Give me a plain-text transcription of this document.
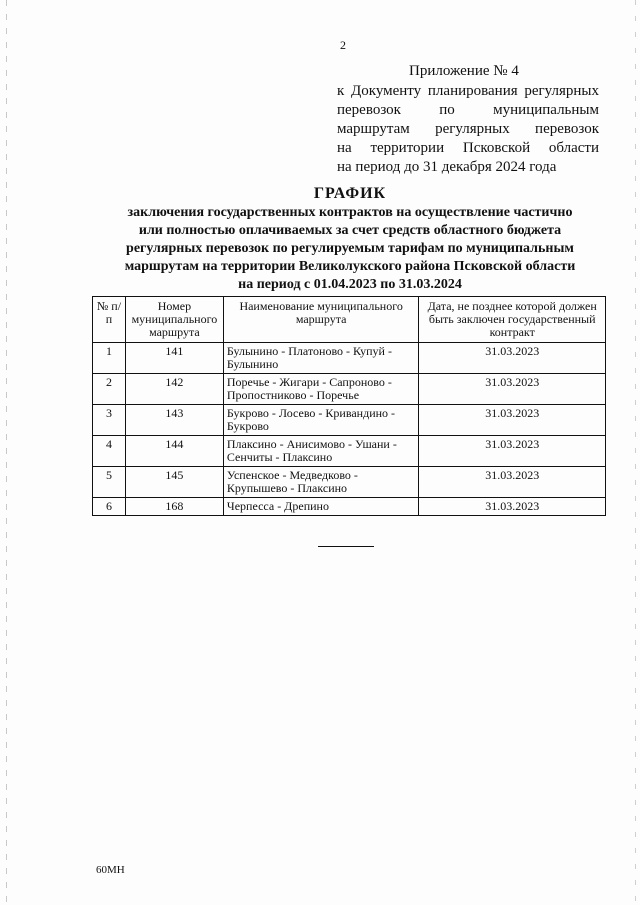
2
Приложение № 4
к Документу планирования регулярных
перевозок по муниципальным
маршрутам регулярных перевозок
на территории Псковской области
на период до 31 декабря 2024 года
ГРАФИК
заключения государственных контрактов на осуществление частично
или полностью оплачиваемых за счет средств областного бюджета
регулярных перевозок по регулируемым тарифам по муниципальным
маршрутам на территории Великолукского района Псковской области
на период с 01.04.2023 по 31.03.2024
№ п/п	Номер муниципального маршрута	Наименование муниципального маршрута	Дата, не позднее которой должен быть заключен государственный контракт
1	141	Булынино - Платоново - Купуй - Булынино	31.03.2023
2	142	Поречье - Жигари - Сапроново - Пропостниково - Поречье	31.03.2023
3	143	Букрово - Лосево - Кривандино - Букрово	31.03.2023
4	144	Плаксино - Анисимово - Ушани - Сенчиты - Плаксино	31.03.2023
5	145	Успенское - Медведково - Крупышево - Плаксино	31.03.2023
6	168	Черпесса - Дрепино	31.03.2023
60МН
